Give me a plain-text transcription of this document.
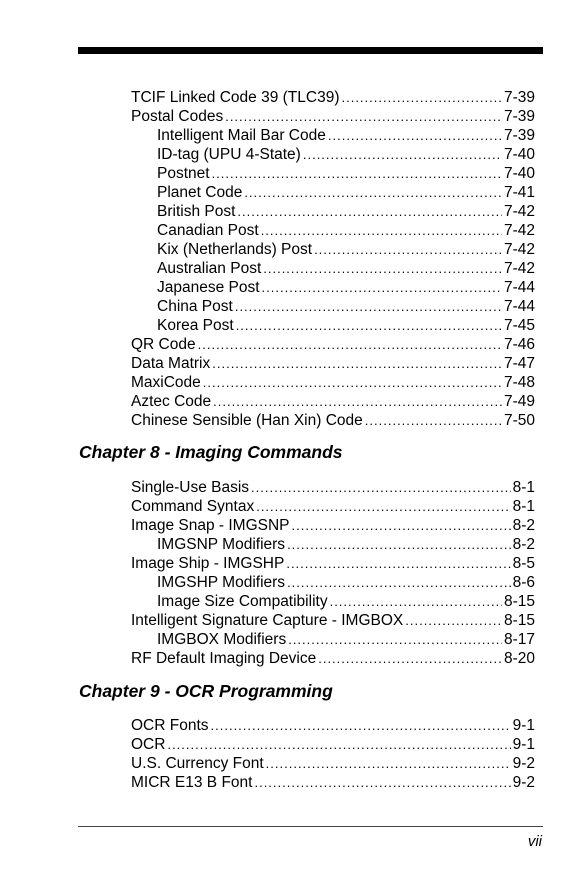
TCIF Linked Code 39 (TLC39) .....	7-39
Postal Codes .....	7-39
Intelligent Mail Bar Code .....	7-39
ID-tag (UPU 4-State) .....	7-40
Postnet .....	7-40
Planet Code .....	7-41
British Post .....	7-42
Canadian Post .....	7-42
Kix (Netherlands) Post .....	7-42
Australian Post .....	7-42
Japanese Post .....	7-44
China Post .....	7-44
Korea Post .....	7-45
QR Code .....	7-46
Data Matrix .....	7-47
MaxiCode .....	7-48
Aztec Code .....	7-49
Chinese Sensible (Han Xin) Code .....	7-50
Chapter 8 - Imaging Commands
Single-Use Basis .....	8-1
Command Syntax .....	8-1
Image Snap - IMGSNP .....	8-2
IMGSNP Modifiers .....	8-2
Image Ship - IMGSHP .....	8-5
IMGSHP Modifiers .....	8-6
Image Size Compatibility .....	8-15
Intelligent Signature Capture - IMGBOX .....	8-15
IMGBOX Modifiers .....	8-17
RF Default Imaging Device .....	8-20
Chapter 9 - OCR Programming
OCR Fonts .....	9-1
OCR .....	9-1
U.S. Currency Font .....	9-2
MICR E13 B Font .....	9-2
vii
